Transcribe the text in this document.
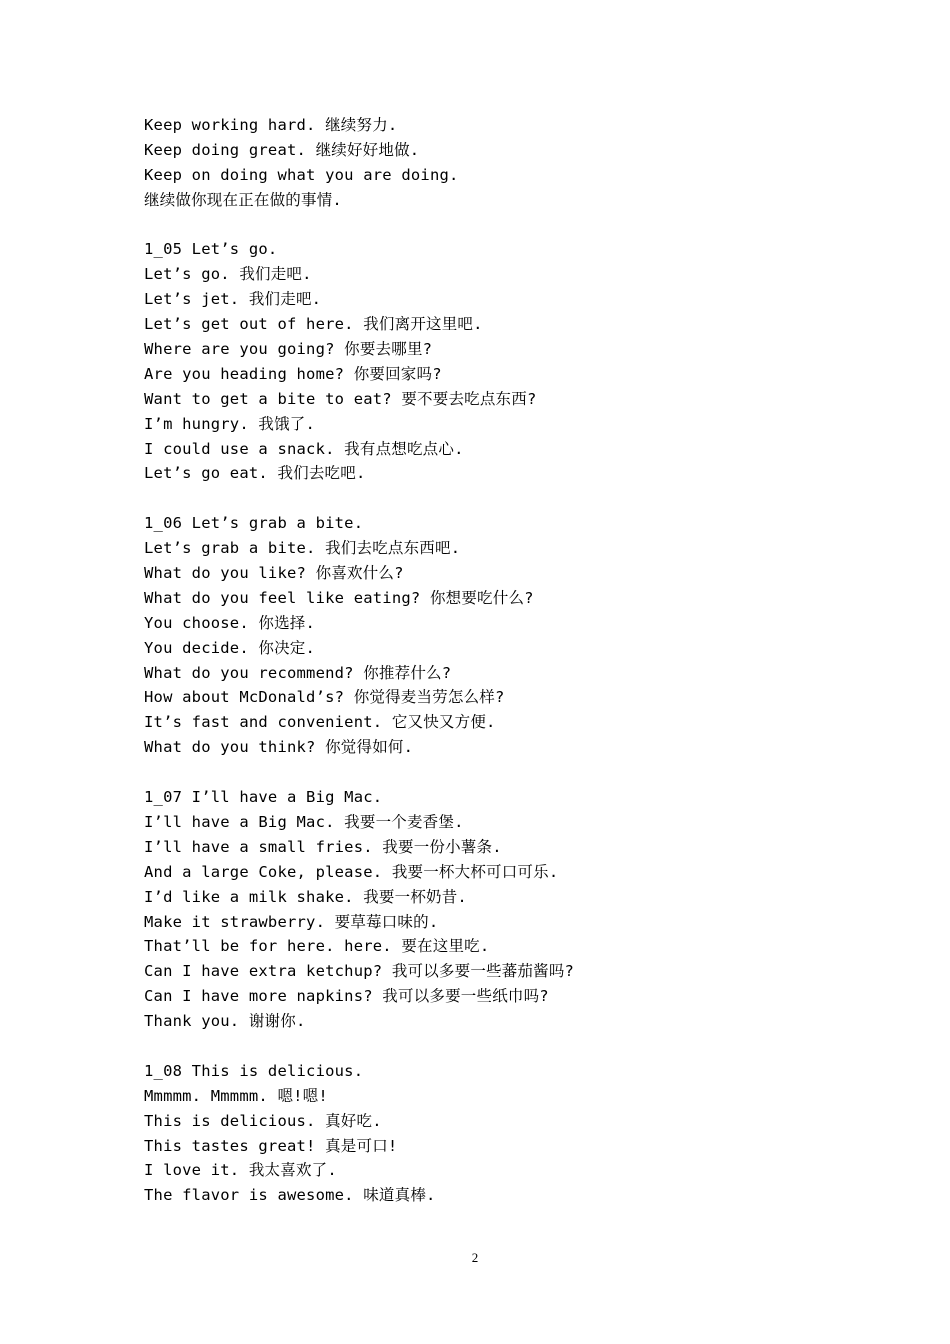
Keep working hard. 继续努力.
Keep doing great. 继续好好地做.
Keep on doing what you are doing.
继续做你现在正在做的事情.
1_05 Let’s go.
Let’s go. 我们走吧.
Let’s jet. 我们走吧.
Let’s get out of here. 我们离开这里吧.
Where are you going? 你要去哪里?
Are you heading home? 你要回家吗?
Want to get a bite to eat? 要不要去吃点东西?
I’m hungry. 我饿了.
I could use a snack. 我有点想吃点心.
Let’s go eat. 我们去吃吧.
1_06 Let’s grab a bite.
Let’s grab a bite. 我们去吃点东西吧.
What do you like? 你喜欢什么?
What do you feel like eating? 你想要吃什么?
You choose. 你选择.
You decide. 你决定.
What do you recommend? 你推荐什么?
How about McDonald’s? 你觉得麦当劳怎么样?
It’s fast and convenient. 它又快又方便.
What do you think? 你觉得如何.
1_07 I’ll have a Big Mac.
I’ll have a Big Mac. 我要一个麦香堡.
I’ll have a small fries. 我要一份小薯条.
And a large Coke, please. 我要一杯大杯可口可乐.
I’d like a milk shake. 我要一杯奶昔.
Make it strawberry. 要草莓口味的.
That’ll be for here. here. 要在这里吃.
Can I have extra ketchup? 我可以多要一些蕃茄酱吗?
Can I have more napkins? 我可以多要一些纸巾吗?
Thank you. 谢谢你.
1_08 This is delicious.
Mmmmm. Mmmmm. 嗯!嗯!
This is delicious. 真好吃.
This tastes great! 真是可口!
I love it. 我太喜欢了.
The flavor is awesome. 味道真棒.
2
